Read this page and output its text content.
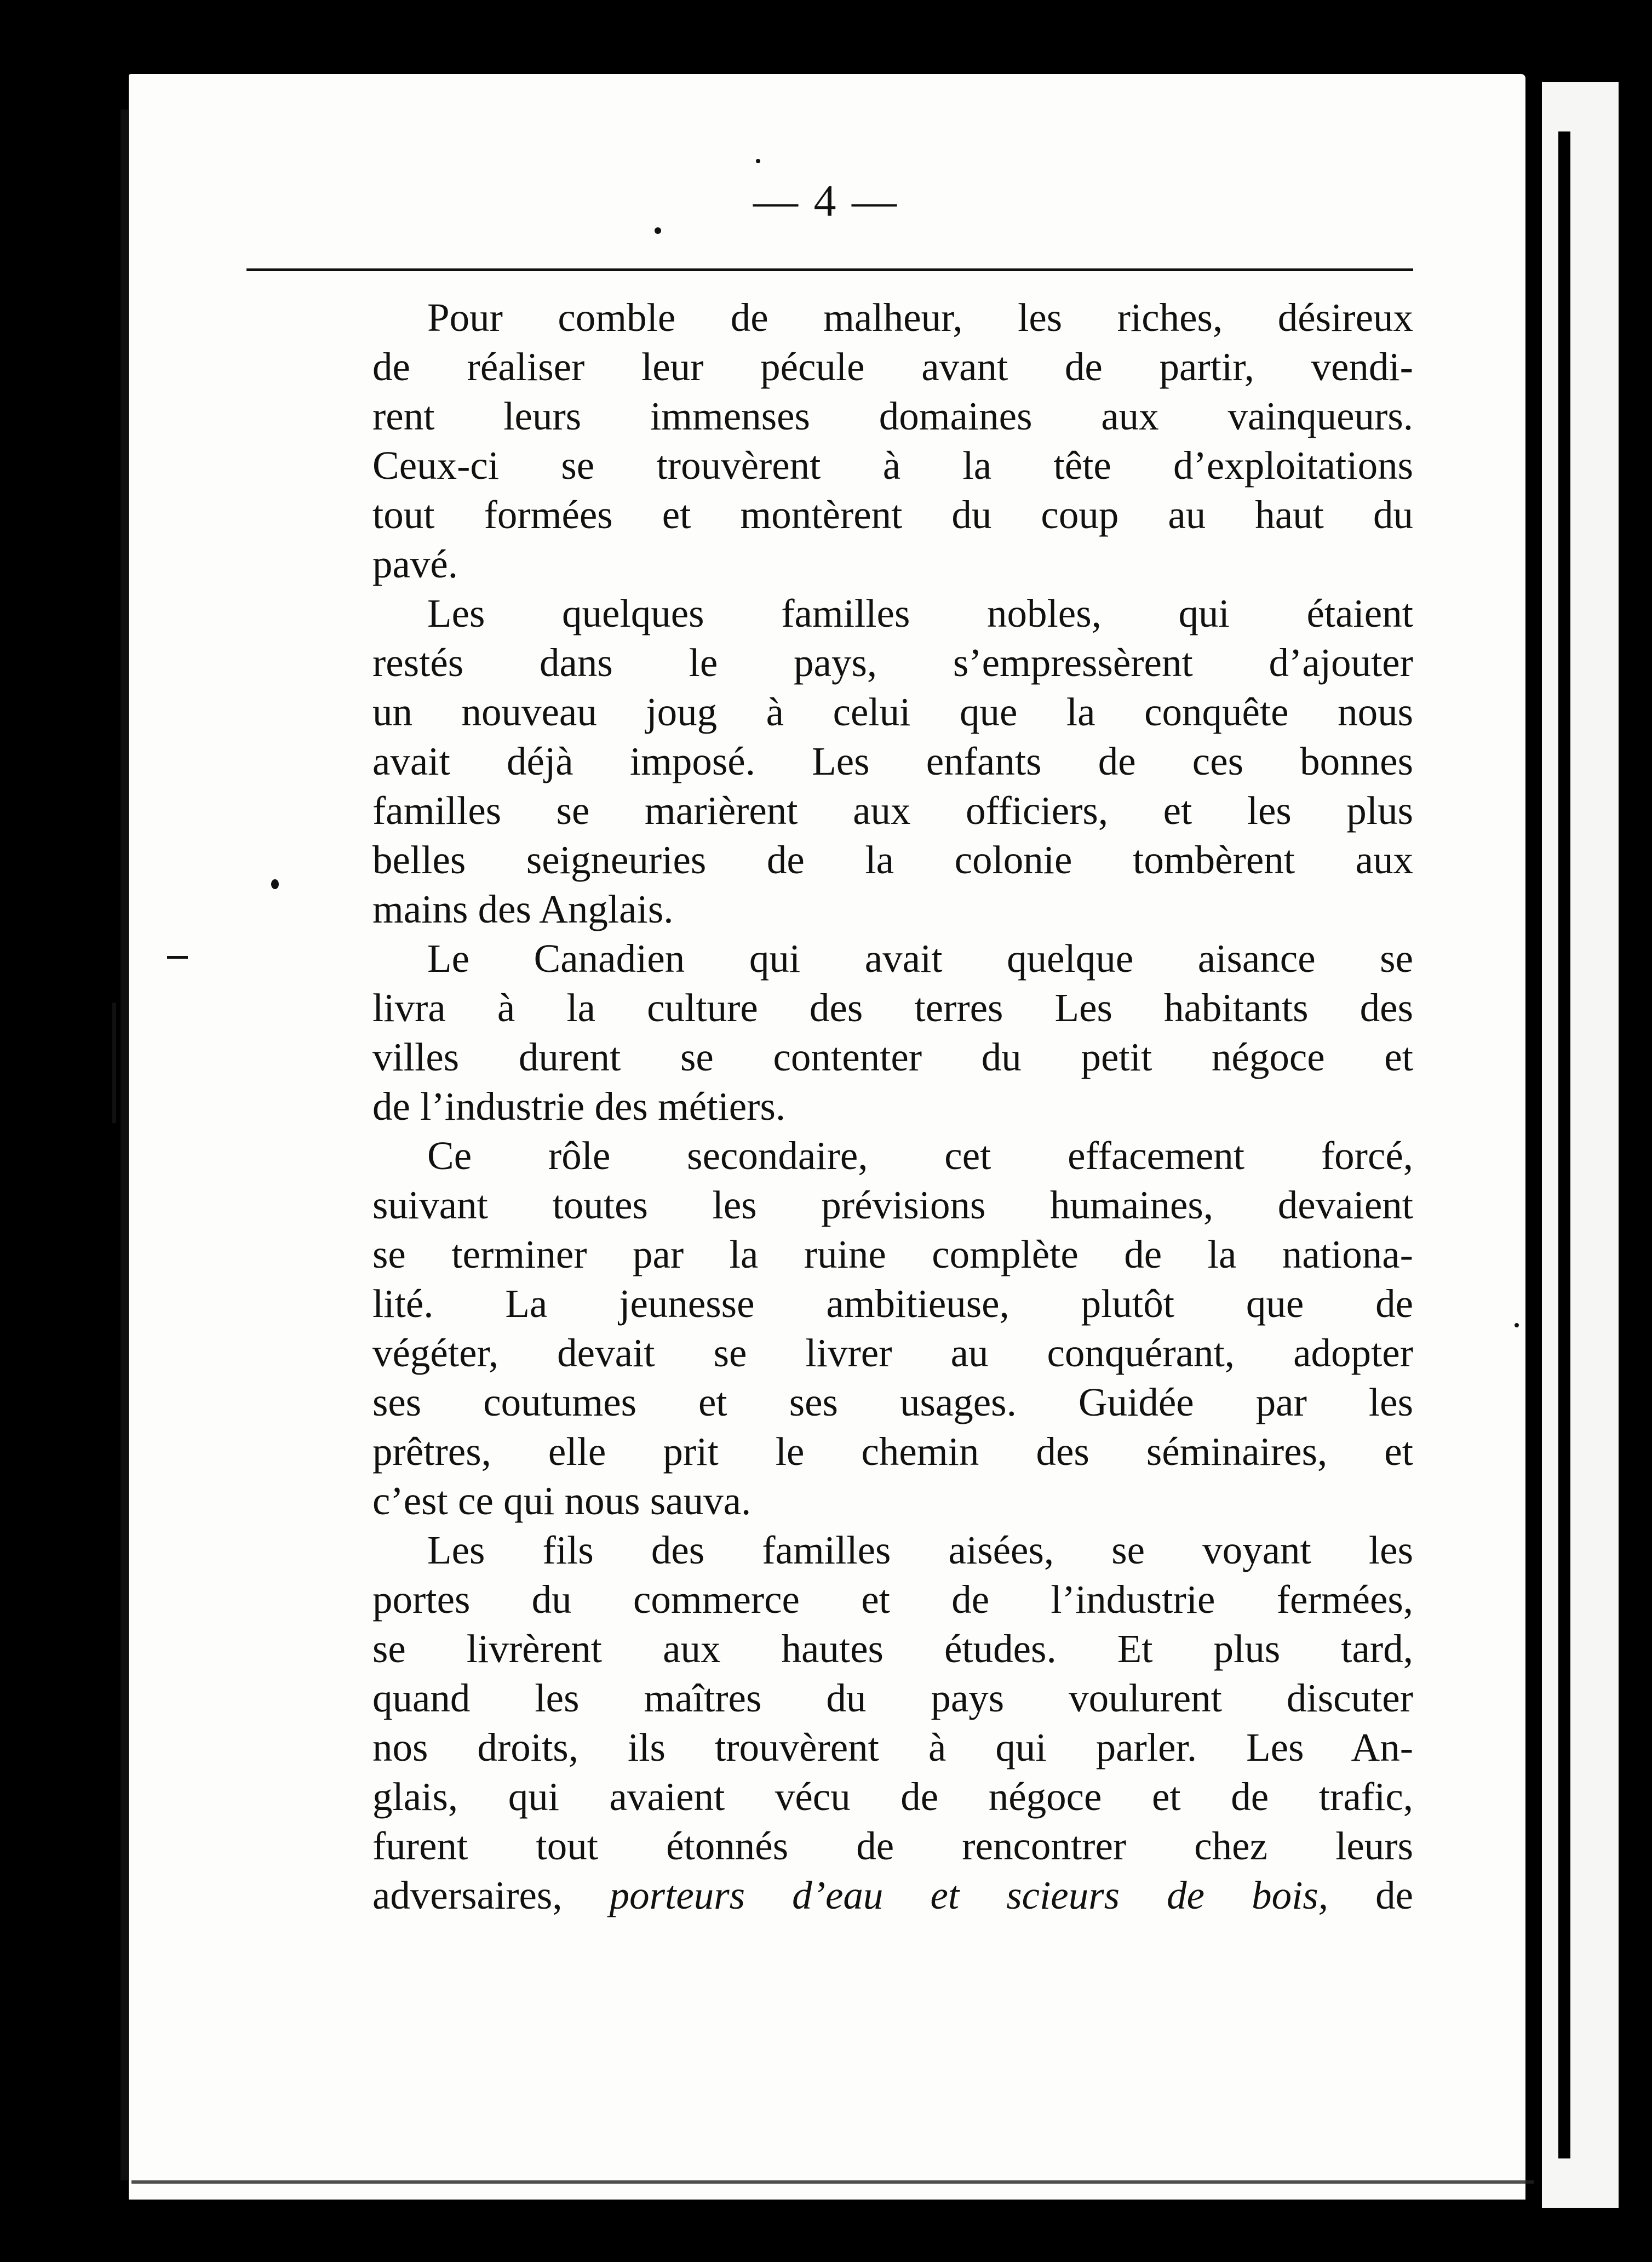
— 4 —
Pour comble de malheur, les riches, désireux
de réaliser leur pécule avant de partir, vendi-
rent leurs immenses domaines aux vainqueurs.
Ceux-ci se trouvèrent à la tête d’exploitations
tout formées et montèrent du coup au haut du
pavé.
Les quelques familles nobles, qui étaient
restés dans le pays, s’empressèrent d’ajouter
un nouveau joug à celui que la conquête nous
avait déjà imposé. Les enfants de ces bonnes
familles se marièrent aux officiers, et les plus
belles seigneuries de la colonie tombèrent aux
mains des Anglais.
Le Canadien qui avait quelque aisance se
livra à la culture des terres Les habitants des
villes durent se contenter du petit négoce et
de l’industrie des métiers.
Ce rôle secondaire, cet effacement forcé,
suivant toutes les prévisions humaines, devaient
se terminer par la ruine complète de la nationa-
lité. La jeunesse ambitieuse, plutôt que de
végéter, devait se livrer au conquérant, adopter
ses coutumes et ses usages. Guidée par les
prêtres, elle prit le chemin des séminaires, et
c’est ce qui nous sauva.
Les fils des familles aisées, se voyant les
portes du commerce et de l’industrie fermées,
se livrèrent aux hautes études. Et plus tard,
quand les maîtres du pays voulurent discuter
nos droits, ils trouvèrent à qui parler. Les An-
glais, qui avaient vécu de négoce et de trafic,
furent tout étonnés de rencontrer chez leurs
adversaires, porteurs d’eau et scieurs de bois, de
